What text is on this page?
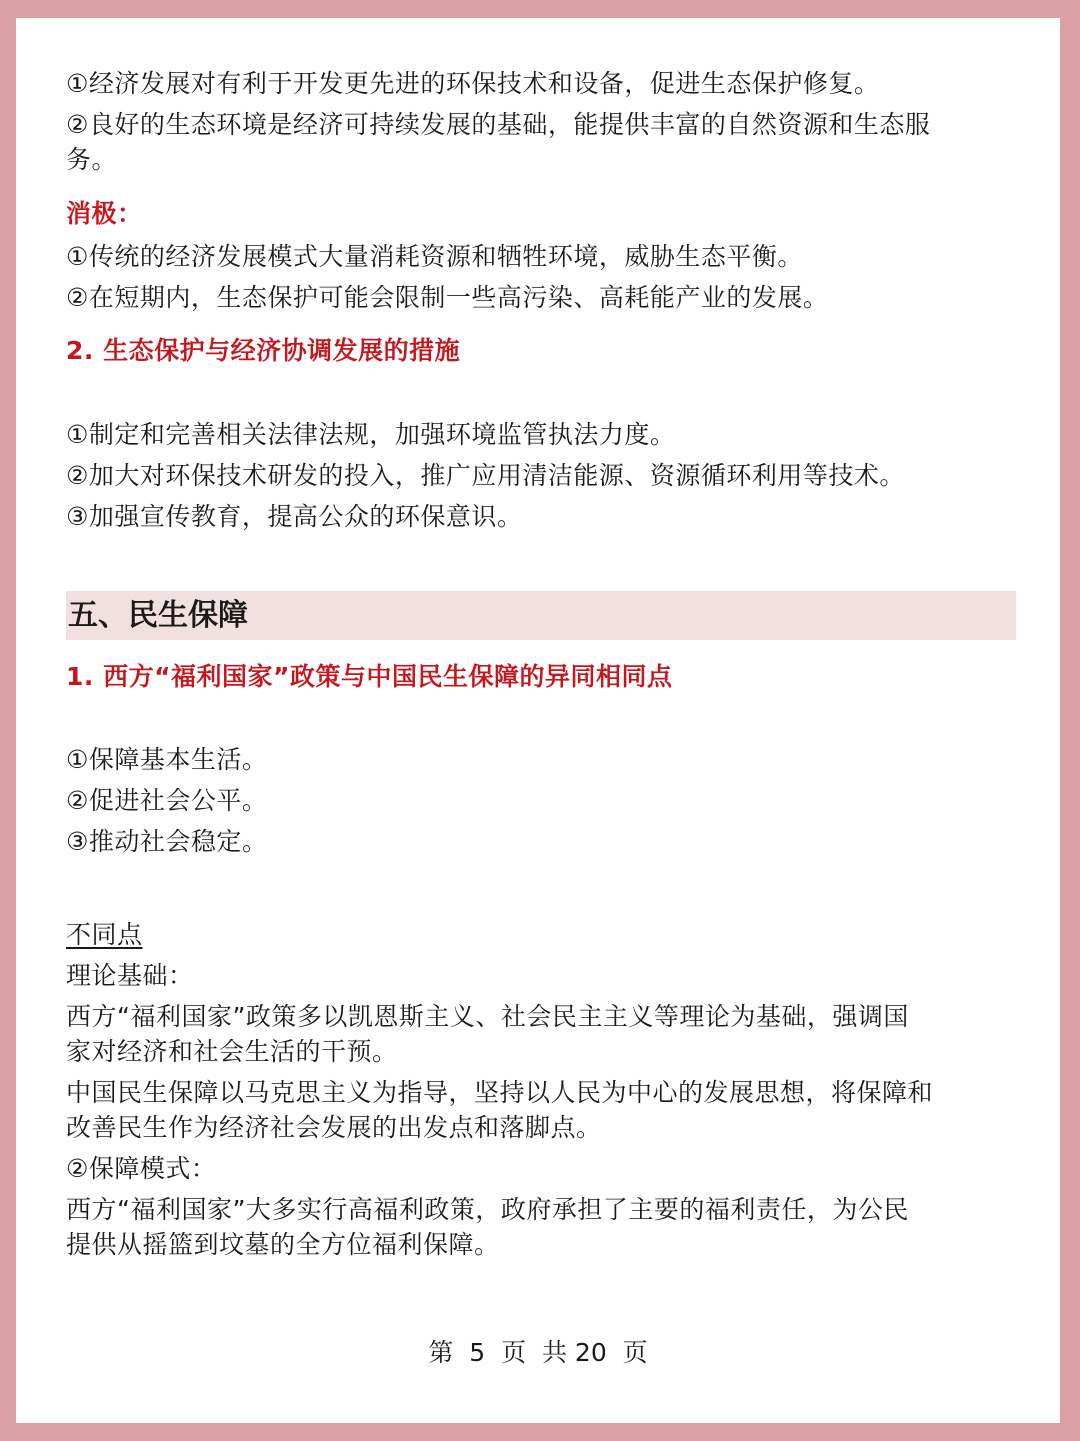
①经济发展对有利于开发更先进的环保技术和设备，促进生态保护修复。
②良好的生态环境是经济可持续发展的基础，能提供丰富的自然资源和生态服
务。
消极：
①传统的经济发展模式大量消耗资源和牺牲环境，威胁生态平衡。
②在短期内，生态保护可能会限制一些高污染、高耗能产业的发展。
2. 生态保护与经济协调发展的措施
①制定和完善相关法律法规，加强环境监管执法力度。
②加大对环保技术研发的投入，推广应用清洁能源、资源循环利用等技术。
③加强宣传教育，提高公众的环保意识。
五、民生保障
1. 西方“福利国家”政策与中国民生保障的异同相同点
①保障基本生活。
②促进社会公平。
③推动社会稳定。
不同点
理论基础：
西方“福利国家”政策多以凯恩斯主义、社会民主主义等理论为基础，强调国
家对经济和社会生活的干预。
中国民生保障以马克思主义为指导，坚持以人民为中心的发展思想，将保障和
改善民生作为经济社会发展的出发点和落脚点。
②保障模式：
西方“福利国家”大多实行高福利政策，政府承担了主要的福利责任，为公民
提供从摇篮到坟墓的全方位福利保障。
第  5  页  共 20  页
